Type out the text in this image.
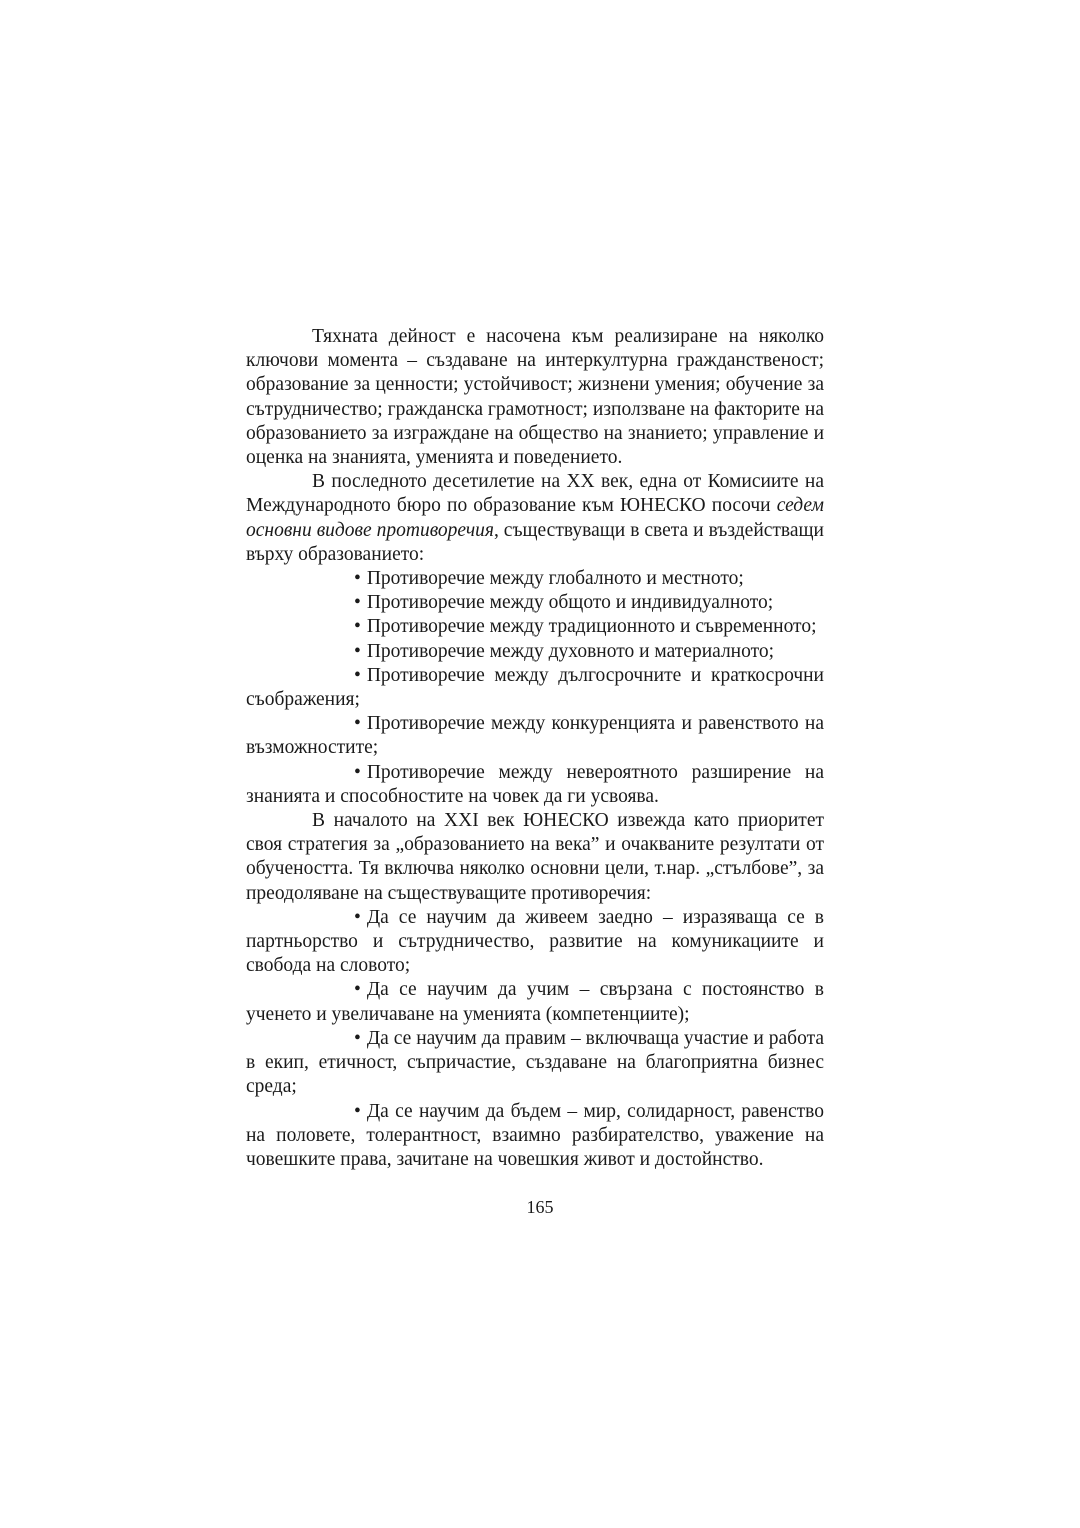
Тяхната дейност е насочена към реализиране на няколко ключови момента – създаване на интеркултурна гражданственост; образование за ценности; устойчивост; жизнени умения; обучение за сътрудничество; гражданска грамотност; използване на факторите на образованието за изграждане на общество на знанието; управление и оценка на знанията, уменията и поведението.

В последното десетилетие на XX век, една от Комисиите на Международното бюро по образование към ЮНЕСКО посочи седем основни видове противоречия, съществуващи в света и въздействащи върху образованието:

• Противоречие между глобалното и местното;

• Противоречие между общото и индивидуалното;

• Противоречие между традиционното и съвременното;

• Противоречие между духовното и материалното;

• Противоречие между дългосрочните и краткосрочни съображения;

• Противоречие между конкуренцията и равенството на възможностите;

• Противоречие между невероятното разширение на знанията и способностите на човек да ги усвоява.

В началото на XXI век ЮНЕСКО извежда като приоритет своя стратегия за „образованието на века” и очакваните резултати от обучеността. Тя включва няколко основни цели, т.нар. „стълбове”, за преодоляване на съществуващите противоречия:

• Да се научим да живеем заедно – изразяваща се в партньорство и сътрудничество, развитие на комуникациите и свобода на словото;

• Да се научим да учим – свързана с постоянство в ученето и увеличаване на уменията (компетенциите);

• Да се научим да правим – включваща участие и работа в екип, етичност, съпричастие, създаване на благоприятна бизнес среда;

• Да се научим да бъдем – мир, солидарност, равенство на половете, толерантност, взаимно разбирателство, уважение на човешките права, зачитане на човешкия живот и достойнство.

165
